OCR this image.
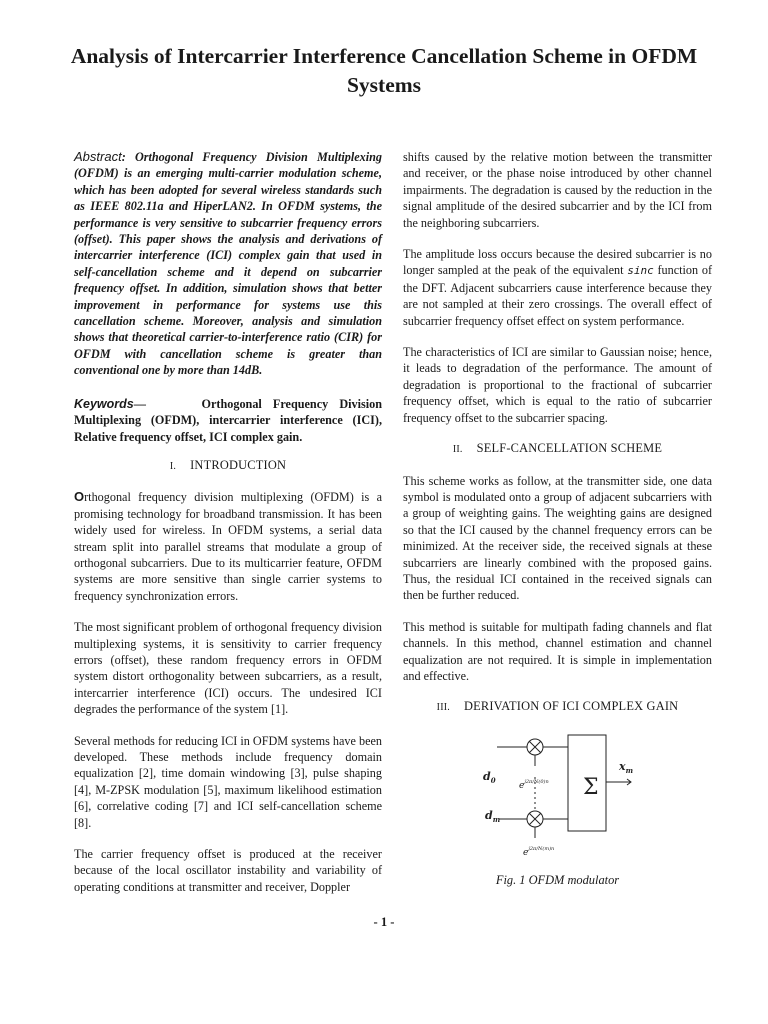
Analysis of Intercarrier Interference Cancellation Scheme in OFDM Systems

Abstract: Orthogonal Frequency Division Multiplexing (OFDM) is an emerging multi-carrier modulation scheme, which has been adopted for several wireless standards such as IEEE 802.11a and HiperLAN2. In OFDM systems, the performance is very sensitive to subcarrier frequency errors (offset). This paper shows the analysis and derivations of intercarrier interference (ICI) complex gain that used in self-cancellation scheme and it depend on subcarrier frequency offset. In addition, simulation shows that better improvement in performance for systems use this cancellation scheme. Moreover, analysis and simulation shows that theoretical carrier-to-interference ratio (CIR) for OFDM with cancellation scheme is greater than conventional one by more than 14dB.

Keywords—	Orthogonal Frequency Division Multiplexing (OFDM), intercarrier interference (ICI), Relative frequency offset, ICI complex gain.

I. INTRODUCTION

Orthogonal frequency division multiplexing (OFDM) is a promising technology for broadband transmission. It has been widely used for wireless. In OFDM systems, a serial data stream split into parallel streams that modulate a group of orthogonal subcarriers. Due to its multicarrier feature, OFDM systems are more sensitive than single carrier systems to frequency synchronization errors.

The most significant problem of orthogonal frequency division multiplexing systems, it is sensitivity to carrier frequency errors (offset), these random frequency errors in OFDM system distort orthogonality between subcarriers, as a result, intercarrier interference (ICI) occurs. The undesired ICI degrades the performance of the system [1].

Several methods for reducing ICI in OFDM systems have been developed. These methods include frequency domain equalization [2], time domain windowing [3], pulse shaping [4], M-ZPSK modulation [5], maximum likelihood estimation [6], correlative coding [7] and ICI self-cancellation scheme [8].

The carrier frequency offset is produced at the receiver because of the local oscillator instability and variability of operating conditions at transmitter and receiver, Doppler

shifts caused by the relative motion between the transmitter and receiver, or the phase noise introduced by other channel impairments. The degradation is caused by the reduction in the signal amplitude of the desired subcarrier and by the ICI from the neighboring subcarriers.

The amplitude loss occurs because the desired subcarrier is no longer sampled at the peak of the equivalent sinc function of the DFT. Adjacent subcarriers cause interference because they are not sampled at their zero crossings. The overall effect of subcarrier frequency offset effect on system performance.

The characteristics of ICI are similar to Gaussian noise; hence, it leads to degradation of the performance. The amount of degradation is proportional to the fractional of subcarrier frequency offset, which is equal to the ratio of subcarrier frequency offset to the subcarrier spacing.

II. SELF-CANCELLATION SCHEME

This scheme works as follow, at the transmitter side, one data symbol is modulated onto a group of adjacent subcarriers with a group of weighting gains. The weighting gains are designed so that the ICI caused by the channel frequency errors can be minimized. At the receiver side, the received signals at these subcarriers are linearly combined with the proposed gains. Thus, the residual ICI contained in the received signals can then be further reduced.

This method is suitable for multipath fading channels and flat channels. In this method, channel estimation and channel equalization are not required. It is simple in implementation and effective.

III. DERIVATION OF ICI COMPLEX GAIN

$d_0$
$d_m$
$e^{j2\pi/N(0)n}$
$e^{j2\pi/N(m)n}$
Σ
$x_m$
Fig. 1 OFDM modulator
- 1 -
